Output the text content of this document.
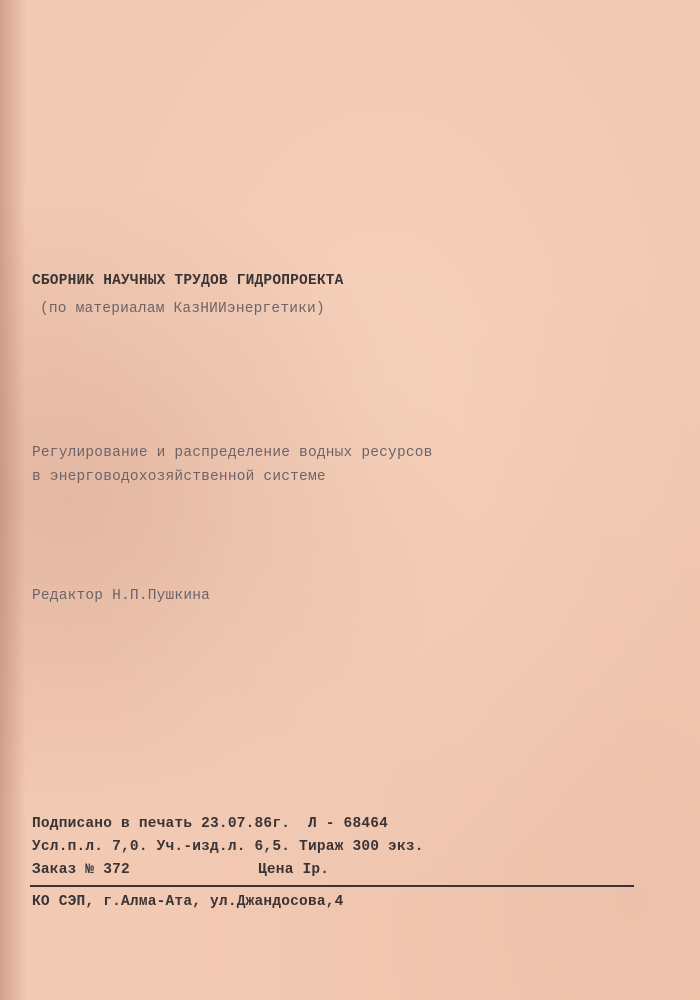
СБОРНИК НАУЧНЫХ ТРУДОВ ГИДРОПРОЕКТА
(по материалам КазНИИэнергетики)
Регулирование и распределение водных ресурсов
в энерговодохозяйственной системе
Редактор Н.П.Пушкина
Подписано в печать 23.07.86г.  Л - 68464
Усл.п.л. 7,0. Уч.-изд.л. 6,5. Тираж 300 экз.
Заказ № 372	Цена Iр.
КО СЭП, г.Алма-Ата, ул.Джандосова,4
